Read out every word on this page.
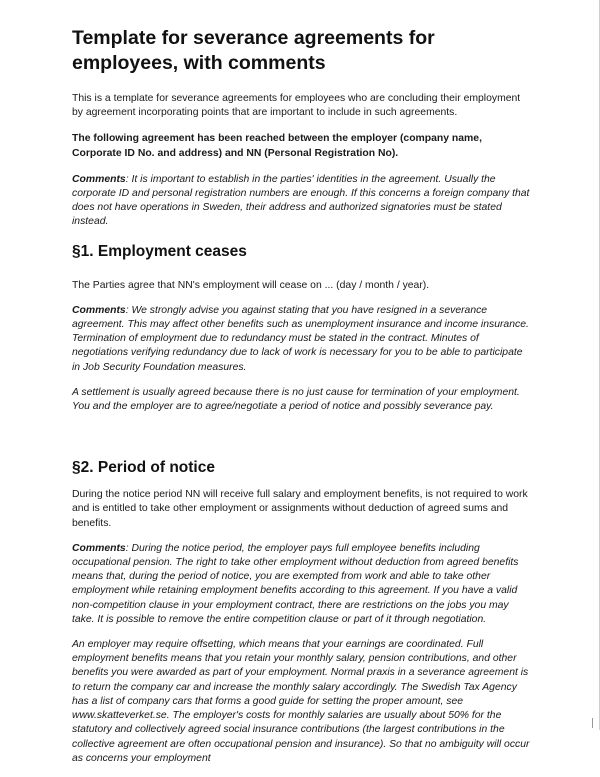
Template for severance agreements for employees, with comments

This is a template for severance agreements for employees who are concluding their employment by agreement incorporating points that are important to include in such agreements.

The following agreement has been reached between the employer (company name, Corporate ID No. and address) and NN (Personal Registration No).

Comments: It is important to establish in the parties' identities in the agreement. Usually the corporate ID and personal registration numbers are enough. If this concerns a foreign company that does not have operations in Sweden, their address and authorized signatories must be stated instead.

§1. Employment ceases

The Parties agree that NN's employment will cease on ... (day / month / year).

Comments: We strongly advise you against stating that you have resigned in a severance agreement. This may affect other benefits such as unemployment insurance and income insurance. Termination of employment due to redundancy must be stated in the contract. Minutes of negotiations verifying redundancy due to lack of work is necessary for you to be able to participate in Job Security Foundation measures.

A settlement is usually agreed because there is no just cause for termination of your employment. You and the employer are to agree/negotiate a period of notice and possibly severance pay.

§2. Period of notice

During the notice period NN will receive full salary and employment benefits, is not required to work and is entitled to take other employment or assignments without deduction of agreed sums and benefits.

Comments: During the notice period, the employer pays full employee benefits including occupational pension. The right to take other employment without deduction from agreed benefits means that, during the period of notice, you are exempted from work and able to take other employment while retaining employment benefits according to this agreement. If you have a valid non-competition clause in your employment contract, there are restrictions on the jobs you may take. It is possible to remove the entire competition clause or part of it through negotiation.

An employer may require offsetting, which means that your earnings are coordinated. Full employment benefits means that you retain your monthly salary, pension contributions, and other benefits you were awarded as part of your employment. Normal praxis in a severance agreement is to return the company car and increase the monthly salary accordingly. The Swedish Tax Agency has a list of company cars that forms a good guide for setting the proper amount, see www.skatteverket.se. The employer's costs for monthly salaries are usually about 50% for the statutory and collectively agreed social insurance contributions (the largest contributions in the collective agreement are often occupational pension and insurance). So that no ambiguity will occur as concerns your employment
